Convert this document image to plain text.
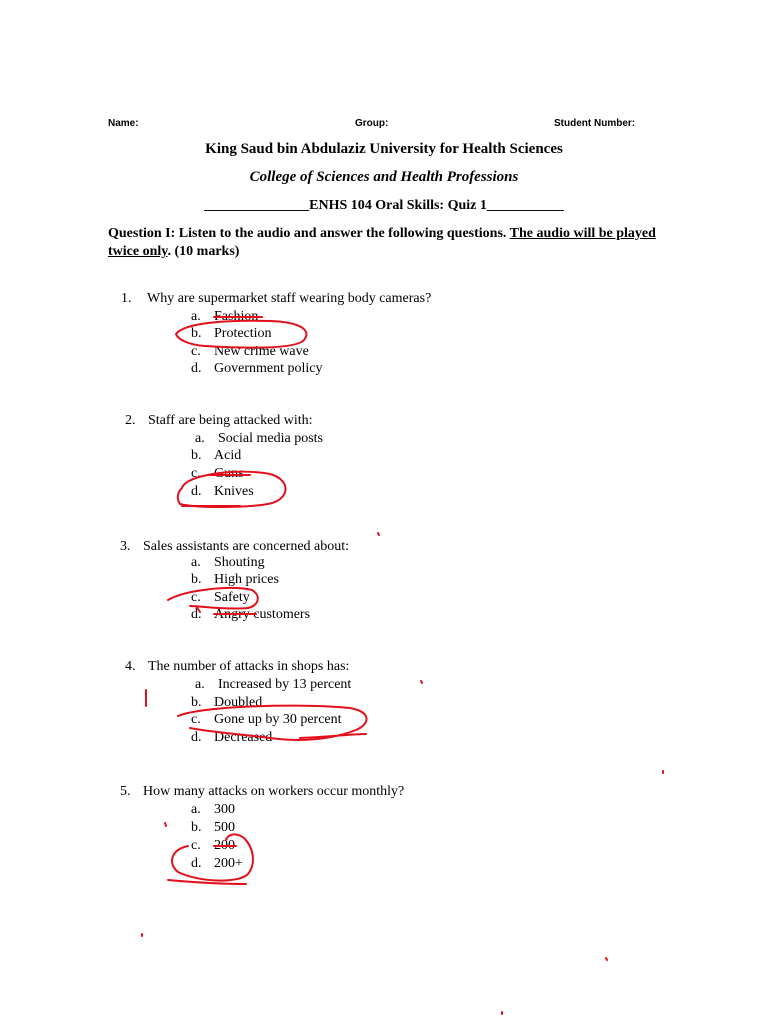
Name:	Group:	Student Number:
King Saud bin Abdulaziz University for Health Sciences
College of Sciences and Health Professions
_______________ENHS 104 Oral Skills: Quiz 1___________
Question I: Listen to the audio and answer the following questions. The audio will be played twice only. (10 marks)
1. Why are supermarket staff wearing body cameras?
a. Fashion
b. Protection
c. New crime wave
d. Government policy
2. Staff are being attacked with:
a. Social media posts
b. Acid
c. Guns
d. Knives
3. Sales assistants are concerned about:
a. Shouting
b. High prices
c. Safety
d. Angry customers
4. The number of attacks in shops has:
a. Increased by 13 percent
b. Doubled
c. Gone up by 30 percent
d. Decreased
5. How many attacks on workers occur monthly?
a. 300
b. 500
c. 200
d. 200+
